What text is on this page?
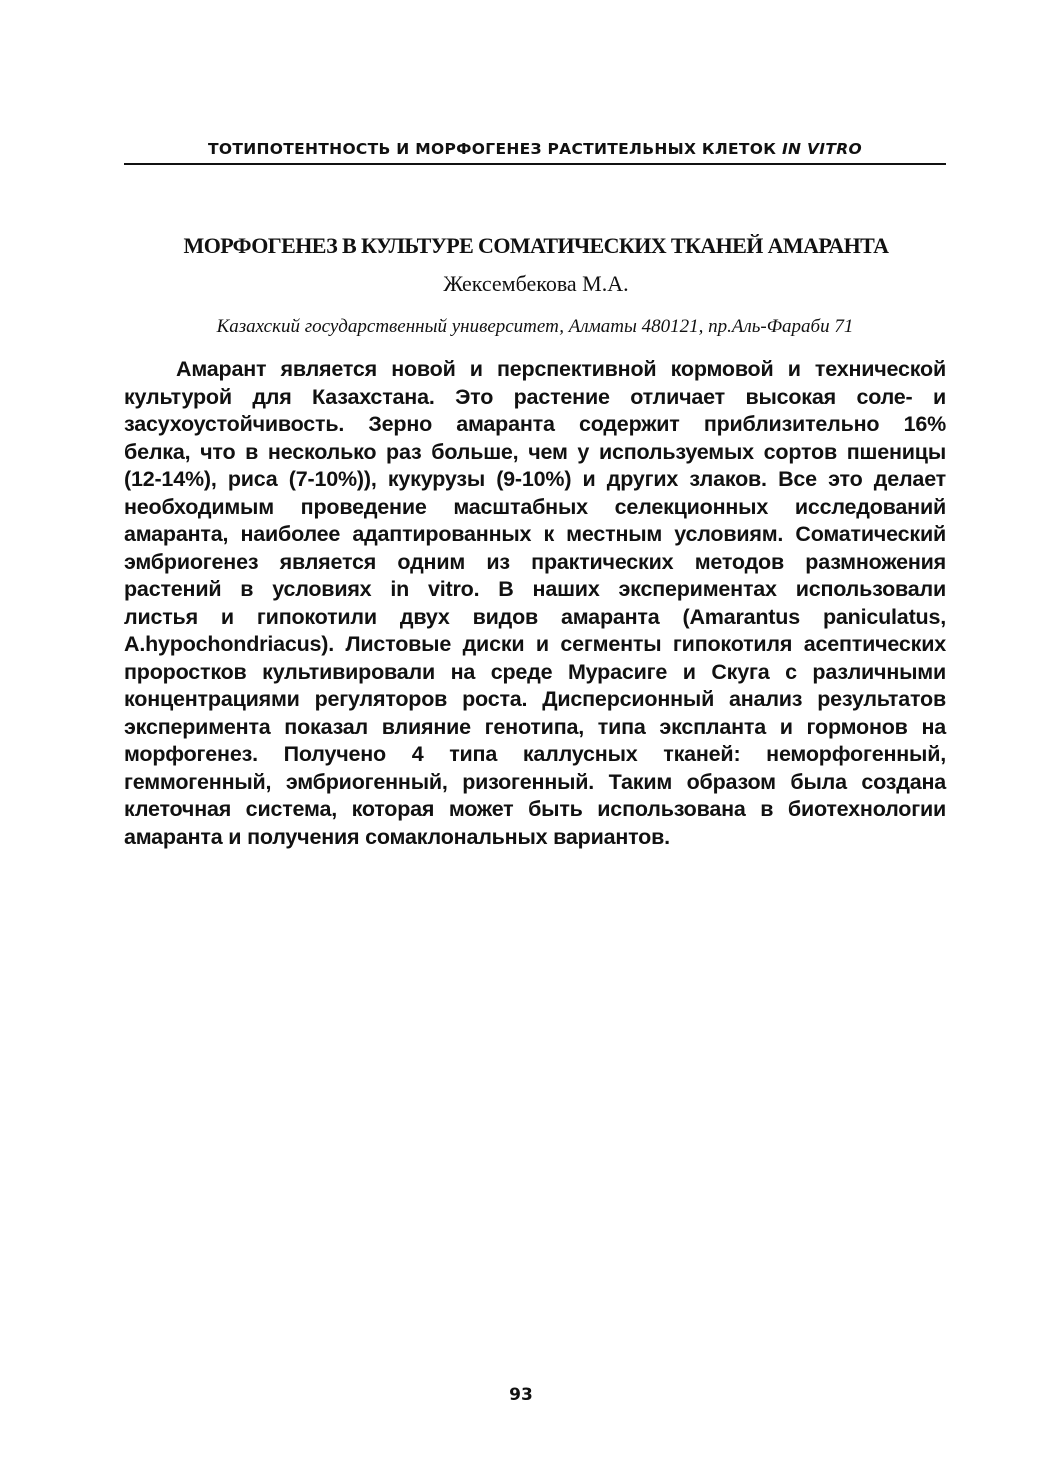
ТОТИПОТЕНТНОСТЬ И МОРФОГЕНЕЗ РАСТИТЕЛЬНЫХ КЛЕТОК IN VITRO
МОРФОГЕНЕЗ В КУЛЬТУРЕ СОМАТИЧЕСКИХ ТКАНЕЙ АМАРАНТА
Жексембекова М.А.
Казахский государственный университет, Алматы 480121, пр.Аль-Фараби 71
Амарант является новой и перспективной кормовой и технической
культурой для Казахстана. Это растение отличает высокая соле- и
засухоустойчивость. Зерно амаранта содержит приблизительно 16%
белка, что в несколько раз больше, чем у используемых сортов пшеницы
(12-14%), риса (7-10%)), кукурузы (9-10%) и других злаков. Все это делает
необходимым проведение масштабных селекционных исследований
амаранта, наиболее адаптированных к местным условиям. Соматический
эмбриогенез является одним из практических методов размножения
растений в условиях in vitro. В наших экспериментах использовали
листья и гипокотили двух видов амаранта (Amarantus paniculatus,
A.hypochondriacus). Листовые диски и сегменты гипокотиля асептических
проростков культивировали на среде Мурасиге и Скуга с различными
концентрациями регуляторов роста. Дисперсионный анализ результатов
эксперимента показал влияние генотипа, типа экспланта и гормонов на
морфогенез. Получено 4 типа каллусных тканей: неморфогенный,
геммогенный, эмбриогенный, ризогенный. Таким образом была создана
клеточная система, которая может быть использована в биотехнологии
амаранта и получения сомаклональных вариантов.
93
